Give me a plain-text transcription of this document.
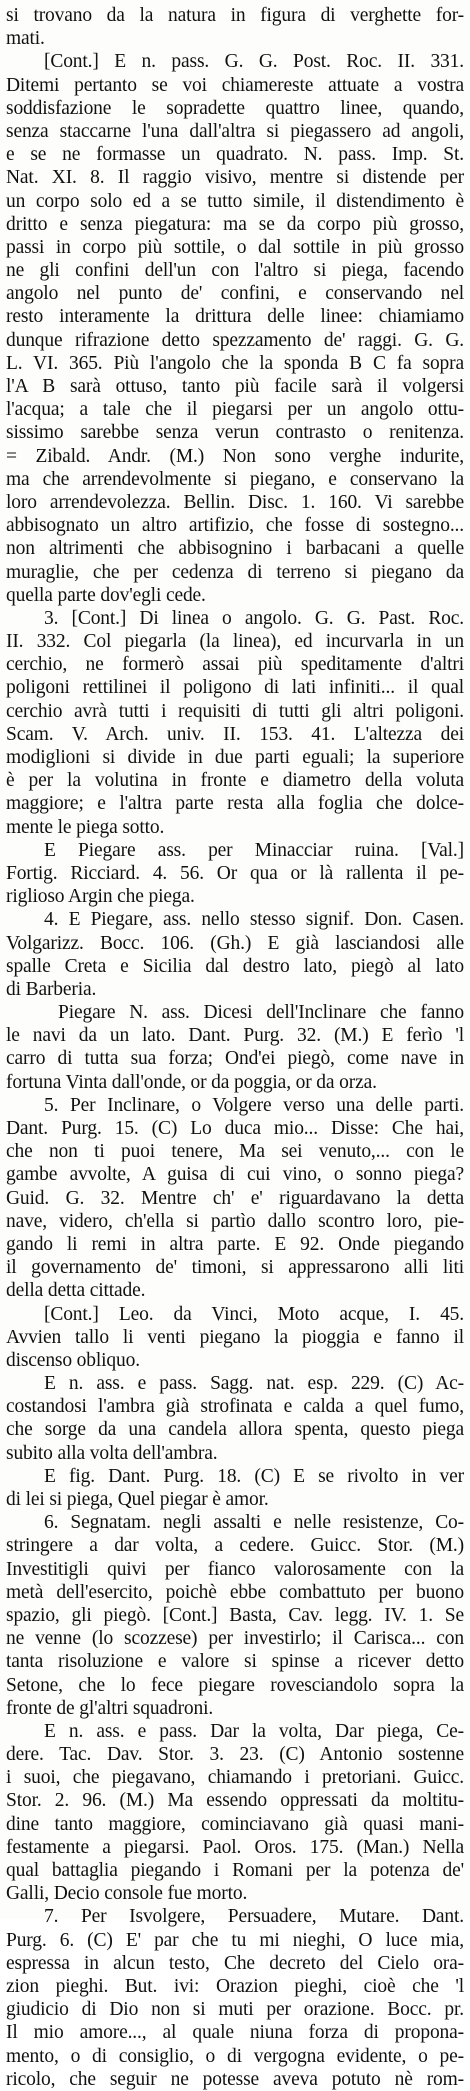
si trovano da la natura in figura di verghette for-
mati.
[Cont.] E n. pass. G. G. Post. Roc. II. 331.
Ditemi pertanto se voi chiamereste attuate a vostra
soddisfazione le sopradette quattro linee, quando,
senza staccarne l'una dall'altra si piegassero ad angoli,
e se ne formasse un quadrato. N. pass. Imp. St.
Nat. XI. 8. Il raggio visivo, mentre si distende per
un corpo solo ed a se tutto simile, il distendimento è
dritto e senza piegatura: ma se da corpo più grosso,
passi in corpo più sottile, o dal sottile in più grosso
ne gli confini dell'un con l'altro si piega, facendo
angolo nel punto de' confini, e conservando nel
resto interamente la drittura delle linee: chiamiamo
dunque rifrazione detto spezzamento de' raggi. G. G.
L. VI. 365. Più l'angolo che la sponda B C fa sopra
l'A B sarà ottuso, tanto più facile sarà il volgersi
l'acqua; a tale che il piegarsi per un angolo ottu-
sissimo sarebbe senza verun contrasto o renitenza.
= Zibald. Andr. (M.) Non sono verghe indurite,
ma che arrendevolmente si piegano, e conservano la
loro arrendevolezza. Bellin. Disc. 1. 160. Vi sarebbe
abbisognato un altro artifizio, che fosse di sostegno...
non altrimenti che abbisognino i barbacani a quelle
muraglie, che per cedenza di terreno si piegano da
quella parte dov'egli cede.
3. [Cont.] Di linea o angolo. G. G. Past. Roc.
II. 332. Col piegarla (la linea), ed incurvarla in un
cerchio, ne formerò assai più speditamente d'altri
poligoni rettilinei il poligono di lati infiniti... il qual
cerchio avrà tutti i requisiti di tutti gli altri poligoni.
Scam. V. Arch. univ. II. 153. 41. L'altezza dei
modiglioni si divide in due parti eguali; la superiore
è per la volutina in fronte e diametro della voluta
maggiore; e l'altra parte resta alla foglia che dolce-
mente le piega sotto.
E Piegare ass. per Minacciar ruina. [Val.]
Fortig. Ricciard. 4. 56. Or qua or là rallenta il pe-
riglioso Argin che piega.
4. E Piegare, ass. nello stesso signif. Don. Casen.
Volgarizz. Bocc. 106. (Gh.) E già lasciandosi alle
spalle Creta e Sicilia dal destro lato, piegò al lato
di Barberia.
Piegare N. ass. Dicesi dell'Inclinare che fanno
le navi da un lato. Dant. Purg. 32. (M.) E ferìo 'l
carro di tutta sua forza; Ond'ei piegò, come nave in
fortuna Vinta dall'onde, or da poggia, or da orza.
5. Per Inclinare, o Volgere verso una delle parti.
Dant. Purg. 15. (C) Lo duca mio... Disse: Che hai,
che non ti puoi tenere, Ma sei venuto,... con le
gambe avvolte, A guisa di cui vino, o sonno piega?
Guid. G. 32. Mentre ch' e' riguardavano la detta
nave, videro, ch'ella si partìo dallo scontro loro, pie-
gando li remi in altra parte. E 92. Onde piegando
il governamento de' timoni, si appressarono alli liti
della detta cittade.
[Cont.] Leo. da Vinci, Moto acque, I. 45.
Avvien tallo li venti piegano la pioggia e fanno il
discenso obliquo.
E n. ass. e pass. Sagg. nat. esp. 229. (C) Ac-
costandosi l'ambra già strofinata e calda a quel fumo,
che sorge da una candela allora spenta, questo piega
subito alla volta dell'ambra.
E fig. Dant. Purg. 18. (C) E se rivolto in ver
di lei si piega, Quel piegar è amor.
6. Segnatam. negli assalti e nelle resistenze, Co-
stringere a dar volta, a cedere. Guicc. Stor. (M.)
Investitigli quivi per fianco valorosamente con la
metà dell'esercito, poichè ebbe combattuto per buono
spazio, gli piegò. [Cont.] Basta, Cav. legg. IV. 1. Se
ne venne (lo scozzese) per investirlo; il Carisca... con
tanta risoluzione e valore si spinse a ricever detto
Setone, che lo fece piegare rovesciandolo sopra la
fronte de gl'altri squadroni.
E n. ass. e pass. Dar la volta, Dar piega, Ce-
dere. Tac. Dav. Stor. 3. 23. (C) Antonio sostenne
i suoi, che piegavano, chiamando i pretoriani. Guicc.
Stor. 2. 96. (M.) Ma essendo oppressati da moltitu-
dine tanto maggiore, cominciavano già quasi mani-
festamente a piegarsi. Paol. Oros. 175. (Man.) Nella
qual battaglia piegando i Romani per la potenza de'
Galli, Decio console fue morto.
7. Per Isvolgere, Persuadere, Mutare. Dant.
Purg. 6. (C) E' par che tu mi nieghi, O luce mia,
espressa in alcun testo, Che decreto del Cielo ora-
zion pieghi. But. ivi: Orazion pieghi, cioè che 'l
giudicio di Dio non si muti per orazione. Bocc. pr.
Il mio amore..., al quale niuna forza di propona-
mento, o di consiglio, o di vergogna evidente, o pe-
ricolo, che seguir ne potesse aveva potuto nè rom-
